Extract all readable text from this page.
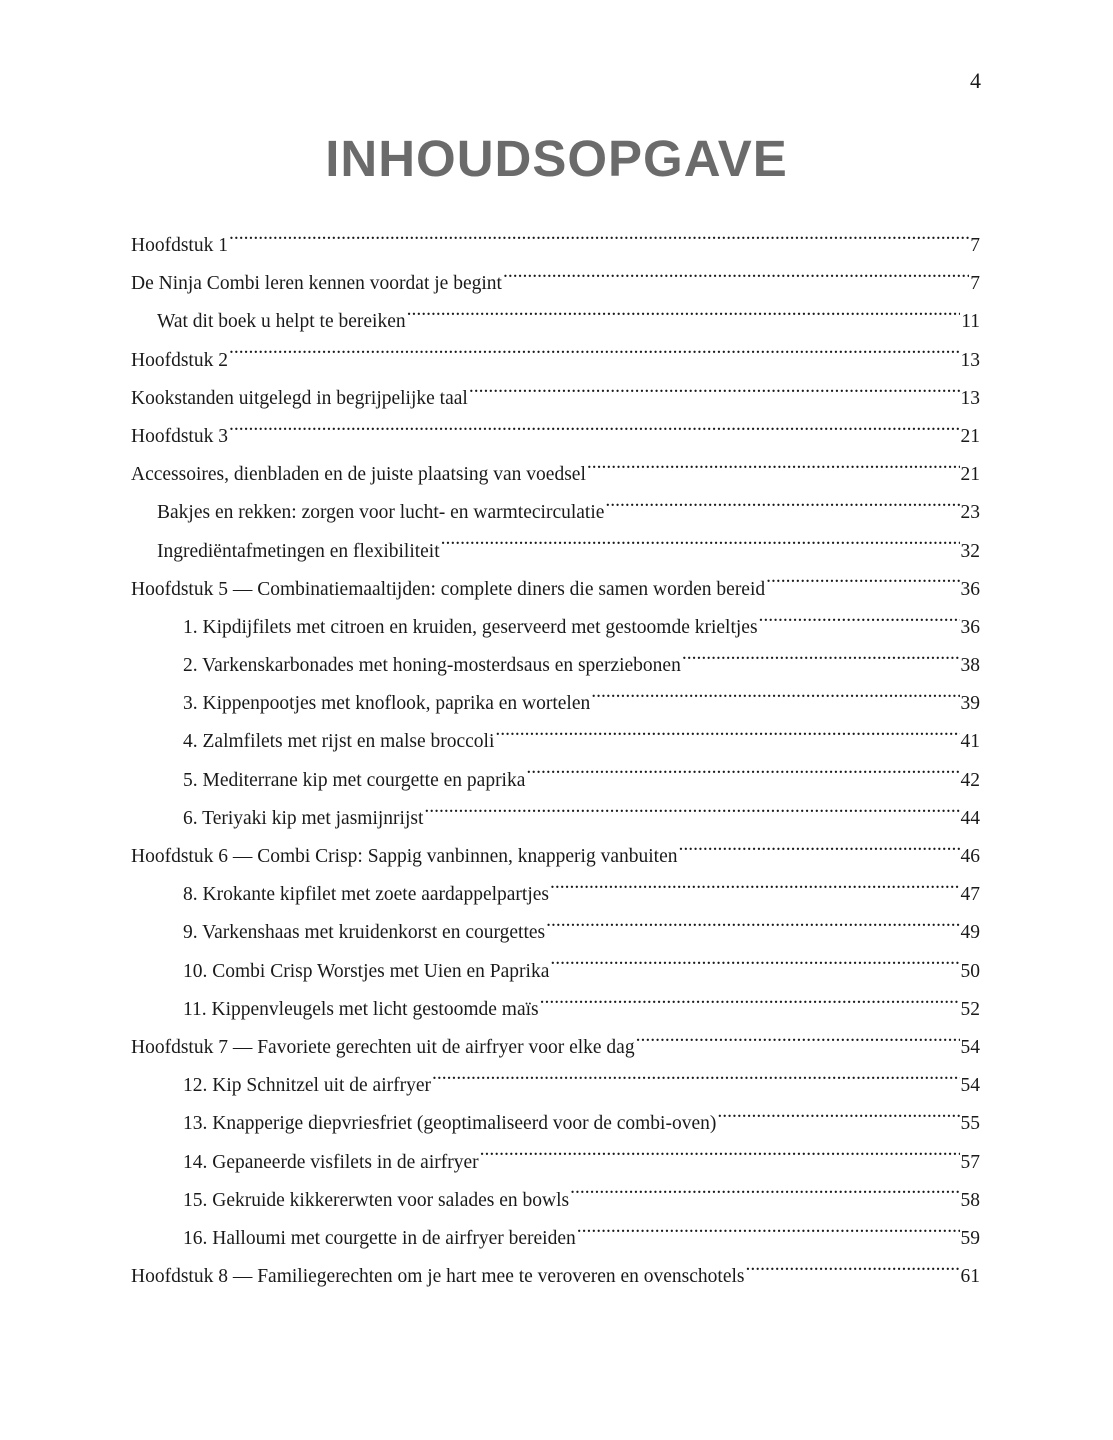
4
INHOUDSOPGAVE
Hoofdstuk 1 .....	7
De Ninja Combi leren kennen voordat je begint .....	7
Wat dit boek u helpt te bereiken .....	11
Hoofdstuk 2 .....	13
Kookstanden uitgelegd in begrijpelijke taal .....	13
Hoofdstuk 3 .....	21
Accessoires, dienbladen en de juiste plaatsing van voedsel .....	21
Bakjes en rekken: zorgen voor lucht- en warmtecirculatie .....	23
Ingrediëntafmetingen en flexibiliteit .....	32
Hoofdstuk 5 — Combinatiemaaltijden: complete diners die samen worden bereid .....	36
1. Kipdijfilets met citroen en kruiden, geserveerd met gestoomde krieltjes .....	36
2. Varkenskarbonades met honing-mosterdsaus en sperziebonen .....	38
3. Kippenpootjes met knoflook, paprika en wortelen .....	39
4. Zalmfilets met rijst en malse broccoli .....	41
5. Mediterrane kip met courgette en paprika .....	42
6. Teriyaki kip met jasmijnrijst .....	44
Hoofdstuk 6 — Combi Crisp: Sappig vanbinnen, knapperig vanbuiten .....	46
8. Krokante kipfilet met zoete aardappelpartjes .....	47
9. Varkenshaas met kruidenkorst en courgettes .....	49
10. Combi Crisp Worstjes met Uien en Paprika .....	50
11. Kippenvleugels met licht gestoomde maïs .....	52
Hoofdstuk 7 — Favoriete gerechten uit de airfryer voor elke dag .....	54
12. Kip Schnitzel uit de airfryer .....	54
13. Knapperige diepvriesfriet (geoptimaliseerd voor de combi-oven) .....	55
14. Gepaneerde visfilets in de airfryer .....	57
15. Gekruide kikkererwten voor salades en bowls .....	58
16. Halloumi met courgette in de airfryer bereiden .....	59
Hoofdstuk 8 — Familiegerechten om je hart mee te veroveren en ovenschotels .....	61
